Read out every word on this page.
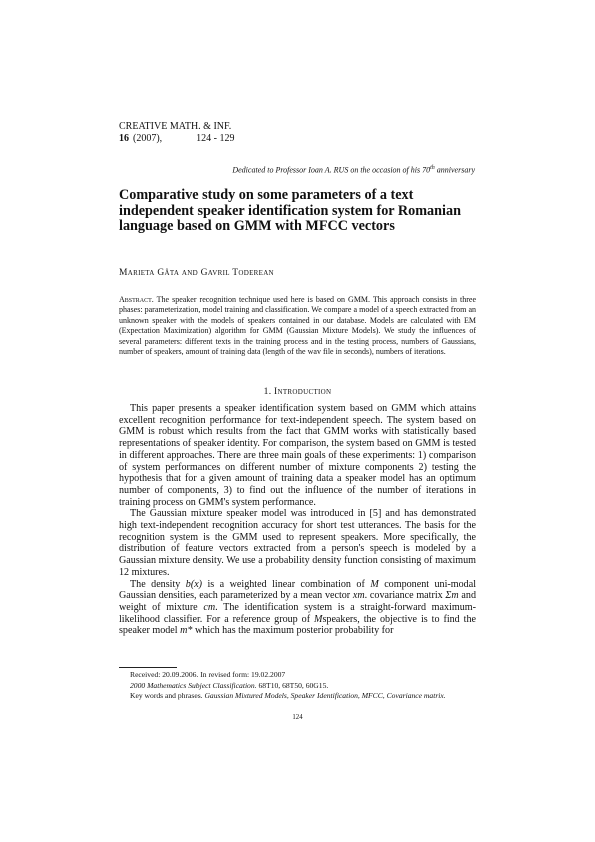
CREATIVE MATH. & INF.
16 (2007),	124 - 129
Dedicated to Professor Ioan A. RUS on the occasion of his 70th anniversary
Comparative study on some parameters of a text independent speaker identification system for Romanian language based on GMM with MFCC vectors
Marieta Gâta and Gavril Toderean
Abstract. The speaker recognition technique used here is based on GMM. This approach consists in three phases: parameterization, model training and classification. We compare a model of a speech extracted from an unknown speaker with the models of speakers contained in our database. Models are calculated with EM (Expectation Maximization) algorithm for GMM (Gaussian Mixture Models). We study the influences of several parameters: different texts in the training process and in the testing process, numbers of Gaussians, number of speakers, amount of training data (length of the wav file in seconds), numbers of iterations.
1. Introduction

This paper presents a speaker identification system based on GMM which attains excellent recognition performance for text-independent speech. The system based on GMM is robust which results from the fact that GMM works with statistically based representations of speaker identity. For comparison, the system based on GMM is tested in different approaches. There are three main goals of these experiments: 1) comparison of system performances on different number of mixture components 2) testing the hypothesis that for a given amount of training data a speaker model has an optimum number of components, 3) to find out the influence of the number of iterations in training process on GMM's system performance.

The Gaussian mixture speaker model was introduced in [5] and has demonstrated high text-independent recognition accuracy for short test utterances. The basis for the recognition system is the GMM used to represent speakers. More specifically, the distribution of feature vectors extracted from a person's speech is modeled by a Gaussian mixture density. We use a probability density function consisting of maximum 12 mixtures.

The density b(x) is a weighted linear combination of M component uni-modal Gaussian densities, each parameterized by a mean vector xm. covariance matrix Σm and weight of mixture cm. The identification system is a straight-forward maximum-likelihood classifier. For a reference group of Mspeakers, the objective is to find the speaker model m* which has the maximum posterior probability for

Received: 20.09.2006. In revised form: 19.02.2007
2000 Mathematics Subject Classification. 68T10, 68T50, 60G15.
Key words and phrases. Gaussian Mixtured Models, Speaker Identification, MFCC, Covariance matrix.
124
